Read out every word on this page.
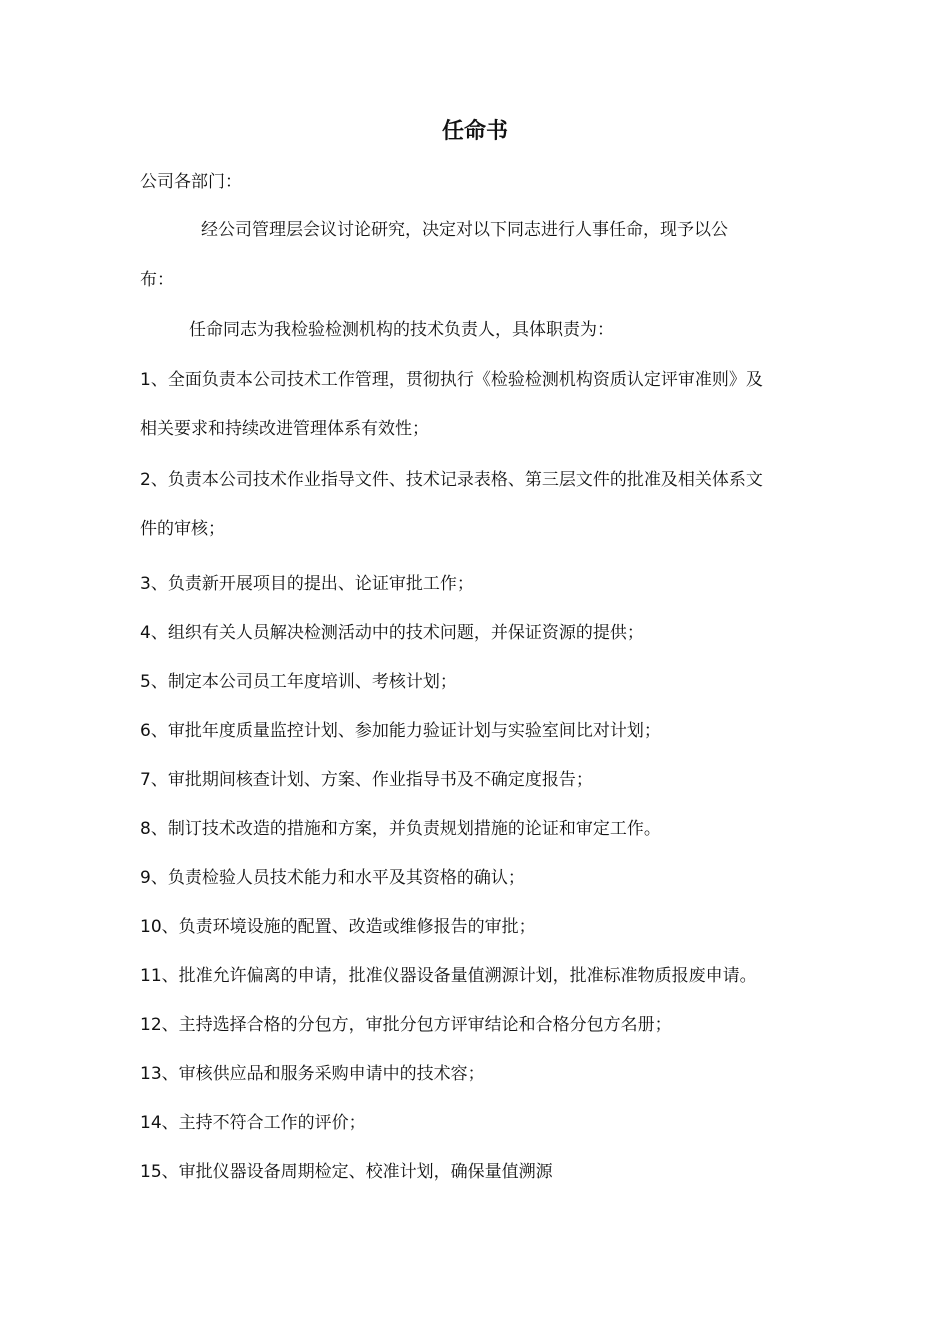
任命书
公司各部门：
经公司管理层会议讨论研究，决定对以下同志进行人事任命，现予以公
布：
任命同志为我检验检测机构的技术负责人，具体职责为：
1、全面负责本公司技术工作管理，贯彻执行《检验检测机构资质认定评审准则》及
相关要求和持续改进管理体系有效性；
2、负责本公司技术作业指导文件、技术记录表格、第三层文件的批准及相关体系文
件的审核；
3、负责新开展项目的提出、论证审批工作；
4、组织有关人员解决检测活动中的技术问题，并保证资源的提供；
5、制定本公司员工年度培训、考核计划；
6、审批年度质量监控计划、参加能力验证计划与实验室间比对计划；
7、审批期间核查计划、方案、作业指导书及不确定度报告；
8、制订技术改造的措施和方案，并负责规划措施的论证和审定工作。
9、负责检验人员技术能力和水平及其资格的确认；
10、负责环境设施的配置、改造或维修报告的审批；
11、批准允许偏离的申请，批准仪器设备量值溯源计划，批准标准物质报废申请。
12、主持选择合格的分包方，审批分包方评审结论和合格分包方名册；
13、审核供应品和服务采购申请中的技术容；
14、主持不符合工作的评价；
15、审批仪器设备周期检定、校准计划，确保量值溯源
